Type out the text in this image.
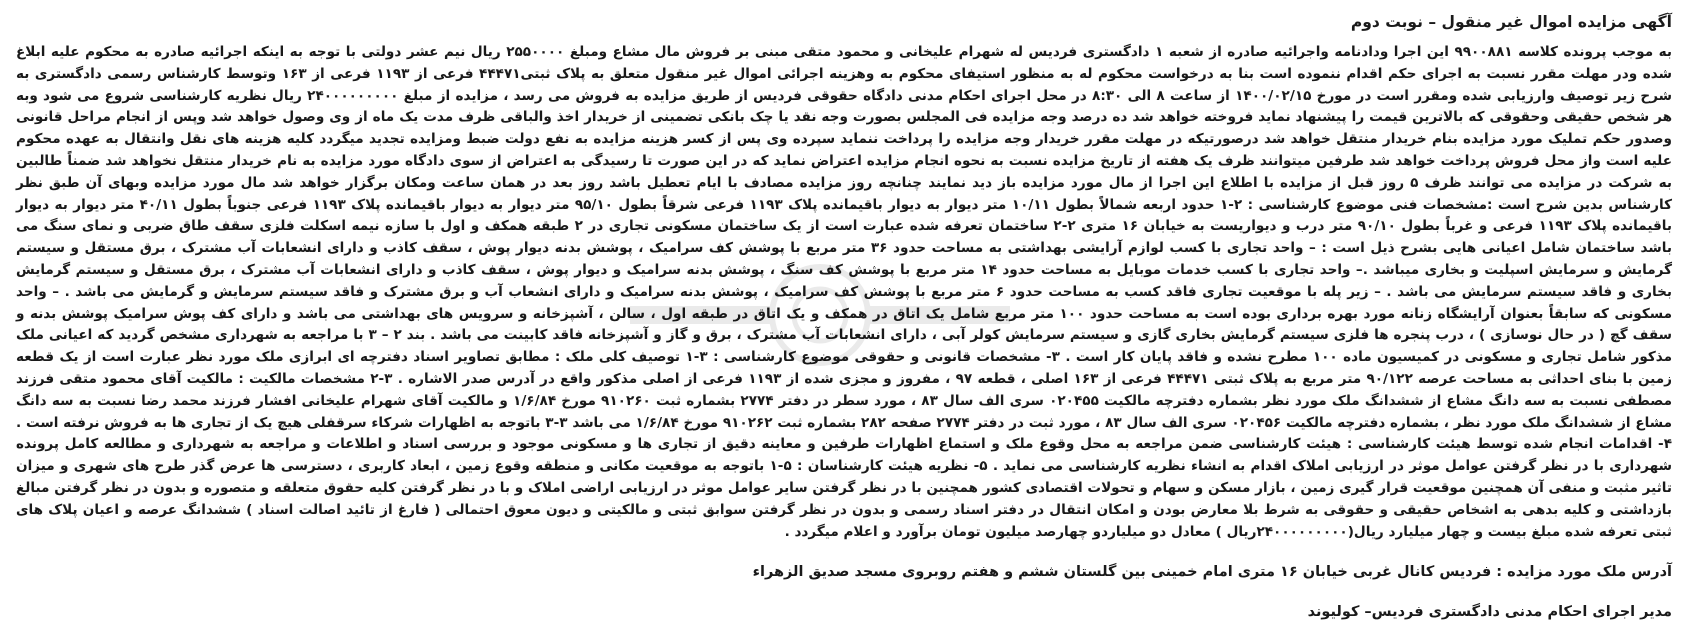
آگهی مزایده اموال غیر منقول – نوبت دوم

به موجب پرونده کلاسه ۹۹۰۰۸۸۱ این اجرا ودادنامه واجرائیه صادره از شعبه ۱ دادگستری فردیس له شهرام علیخانی و محمود متقی مبنی بر فروش مال مشاع ومبلغ ۲۵۵۰۰۰۰ ریال نیم عشر دولتی با توجه به اینکه اجرائیه صادره به محکوم علیه ابلاغ شده ودر مهلت مقرر نسبت به اجرای حکم اقدام ننموده است بنا به درخواست محکوم له به منظور استیفای محکوم به وهزینه اجرائی اموال غیر منقول متعلق به پلاک ثبتی۴۴۴۷۱ فرعی از ۱۱۹۳ فرعی از ۱۶۳ وتوسط کارشناس رسمی دادگستری به شرح زیر توصیف وارزیابی شده ومقرر است در مورخ ۱۴۰۰/۰۲/۱۵ از ساعت ۸ الی ۸:۳۰ در محل اجرای احکام مدنی دادگاه حقوقی فردیس از طریق مزایده به فروش می رسد ، مزایده از مبلغ ۲۴۰۰۰۰۰۰۰۰۰ ریال نظریه کارشناسی شروع می شود وبه هر شخص حقیقی وحقوقی که بالاترین قیمت را پیشنهاد نماید فروخته خواهد شد ده درصد وجه مزایده فی المجلس بصورت وجه نقد یا چک بانکی تضمینی از خریدار اخذ والباقی ظرف مدت یک ماه از وی وصول خواهد شد وپس از انجام مراحل قانونی وصدور حکم تملیک مورد مزایده بنام خریدار منتقل خواهد شد درصورتیکه در مهلت مقرر خریدار وجه مزایده را پرداخت ننماید سپرده وی پس از کسر هزینه مزایده به نفع دولت ضبط ومزایده تجدید میگردد کلیه هزینه های نقل وانتقال به عهده محکوم علیه است واز محل فروش پرداخت خواهد شد طرفین میتوانند ظرف یک هفته از تاریخ مزایده نسبت به نحوه انجام مزایده اعتراض نماید که در این صورت تا رسیدگی به اعتراض از سوی دادگاه مورد مزایده به نام خریدار منتقل نخواهد شد ضمناً طالبین به شرکت در مزایده می توانند ظرف ۵ روز قبل از مزایده با اطلاع این اجرا از مال مورد مزایده باز دید نمایند چنانچه روز مزایده مصادف با ایام تعطیل باشد روز بعد در همان ساعت ومکان برگزار خواهد شد مال مورد مزایده وبهای آن طبق نظر کارشناس بدین شرح است :مشخصات فنی موضوع کارشناسی : ۲-۱ حدود اربعه شمالاً بطول ۱۰/۱۱ متر دیوار به دیوار باقیمانده پلاک ۱۱۹۳ فرعی شرقاً بطول ۹۵/۱۰ متر دیوار به دیوار باقیمانده پلاک ۱۱۹۳ فرعی جنوباً بطول ۴۰/۱۱ متر دیوار به دیوار باقیمانده پلاک ۱۱۹۳ فرعی و غرباً بطول ۹۰/۱۰ متر درب و دیواریست به خیابان ۱۶ متری ۲-۲ ساختمان تعرفه شده عبارت است از یک ساختمان مسکونی تجاری در ۲ طبقه همکف و اول با سازه نیمه اسکلت فلزی سقف طاق ضربی و نمای سنگ می باشد ساختمان شامل اعیانی هایی بشرح ذیل است : – واحد تجاری با کسب لوازم آرایشی بهداشتی به مساحت حدود ۳۶ متر مربع با پوشش کف سرامیک ، پوشش بدنه دیوار پوش ، سقف کاذب و دارای انشعابات آب مشترک ، برق مستقل و سیستم گرمایش و سرمایش اسپلیت و بخاری میباشد .– واحد تجاری با کسب خدمات موبایل به مساحت حدود ۱۴ متر مربع با پوشش کف سنگ ، پوشش بدنه سرامیک و دیوار پوش ، سقف کاذب و دارای انشعابات آب مشترک ، برق مستقل و سیستم گرمایش بخاری و فاقد سیستم سرمایش می باشد . – زیر پله با موقعیت تجاری فاقد کسب به مساحت حدود ۶ متر مربع با پوشش کف سرامیک ، پوشش بدنه سرامیک و دارای انشعاب آب و برق مشترک و فاقد سیستم سرمایش و گرمایش می باشد . – واحد مسکونی که سابقاً بعنوان آرایشگاه زنانه مورد بهره برداری بوده است به مساحت حدود ۱۰۰ متر مربع شامل یک اتاق در همکف و یک اتاق در طبقه اول ، سالن ، آشپزخانه و سرویس های بهداشتی می باشد و دارای کف پوش سرامیک پوشش بدنه و سقف گچ ( در حال نوسازی ) ، درب پنجره ها فلزی سیستم گرمایش بخاری گازی و سیستم سرمایش کولر آبی ، دارای انشعابات آب مشترک ، برق و گاز و آشپزخانه فاقد کابینت می باشد . بند ۲ – ۳ با مراجعه به شهرداری مشخص گردید که اعیانی ملک مذکور شامل تجاری و مسکونی در کمیسیون ماده ۱۰۰ مطرح نشده و فاقد پایان کار است . ۳- مشخصات قانونی و حقوقی موضوع کارشناسی : ۳-۱ توصیف کلی ملک : مطابق تصاویر اسناد دفترچه ای ابرازی ملک مورد نظر عبارت است از یک قطعه زمین با بنای احداثی به مساحت عرصه ۹۰/۱۲۲ متر مربع به پلاک ثبتی ۴۴۴۷۱ فرعی از ۱۶۳ اصلی ، قطعه ۹۷ ، مفروز و مجزی شده از ۱۱۹۳ فرعی از اصلی مذکور واقع در آدرس صدر الاشاره . ۳-۲ مشخصات مالکیت : مالکیت آقای محمود متقی فرزند مصطفی نسبت به سه دانگ مشاع از ششدانگ ملک مورد نظر بشماره دفترچه مالکیت ۰۲۰۴۵۵ سری الف سال ۸۳ ، مورد سطر در دفتر ۲۷۷۴ بشماره ثبت ۹۱۰۲۶۰ مورخ ۱/۶/۸۴ و مالکیت آقای شهرام علیخانی افشار فرزند محمد رضا نسبت به سه دانگ مشاع از ششدانگ ملک مورد نظر ، بشماره دفترچه مالکیت ۰۲۰۴۵۶ سری الف سال ۸۳ ، مورد ثبت در دفتر ۲۷۷۴ صفحه ۲۸۲ بشماره ثبت ۹۱۰۲۶۲ مورخ ۱/۶/۸۴ می باشد ۳-۳ باتوجه به اظهارات شرکاء سرقفلی هیچ یک از تجاری ها به فروش نرفته است . ۴- اقدامات انجام شده توسط هیئت کارشناسی : هیئت کارشناسی ضمن مراجعه به محل وقوع ملک و استماع اظهارات طرفین و معاینه دقیق از تجاری ها و مسکونی موجود و بررسی اسناد و اطلاعات و مراجعه به شهرداری و مطالعه کامل پرونده شهرداری با در نظر گرفتن عوامل موثر در ارزیابی املاک اقدام به انشاء نظریه کارشناسی می نماید . ۵- نظریه هیئت کارشناسان : ۵-۱ باتوجه به موقعیت مکانی و منطقه وقوع زمین ، ابعاد کاربری ، دسترسی ها عرض گذر طرح های شهری و میزان تاثیر مثبت و منفی آن همچنین موقعیت قرار گیری زمین ، بازار مسکن و سهام و تحولات اقتصادی کشور همچنین با در نظر گرفتن سایر عوامل موثر در ارزیابی اراضی املاک و با در نظر گرفتن کلیه حقوق متعلقه و متصوره و بدون در نظر گرفتن مبالغ بازداشتی و کلیه بدهی به اشخاص حقیقی و حقوقی به شرط بلا معارض بودن و امکان انتقال در دفتر اسناد رسمی و بدون در نظر گرفتن سوابق ثبتی و مالکیتی و دیون معوق احتمالی ( فارغ از تائید اصالت اسناد ) ششدانگ عرصه و اعیان پلاک های ثبتی تعرفه شده مبلغ بیست و چهار میلیارد ریال(۲۴۰۰۰۰۰۰۰۰۰ریال ) معادل دو میلیاردو چهارصد میلیون تومان برآورد و اعلام میگردد .

آدرس ملک مورد مزایده : فردیس کانال غربی خیابان ۱۶ متری امام خمینی بین گلستان ششم و هفتم روبروی مسجد صدیق الزهراء

مدیر اجرای احکام مدنی دادگستری فردیس– کولیوند
